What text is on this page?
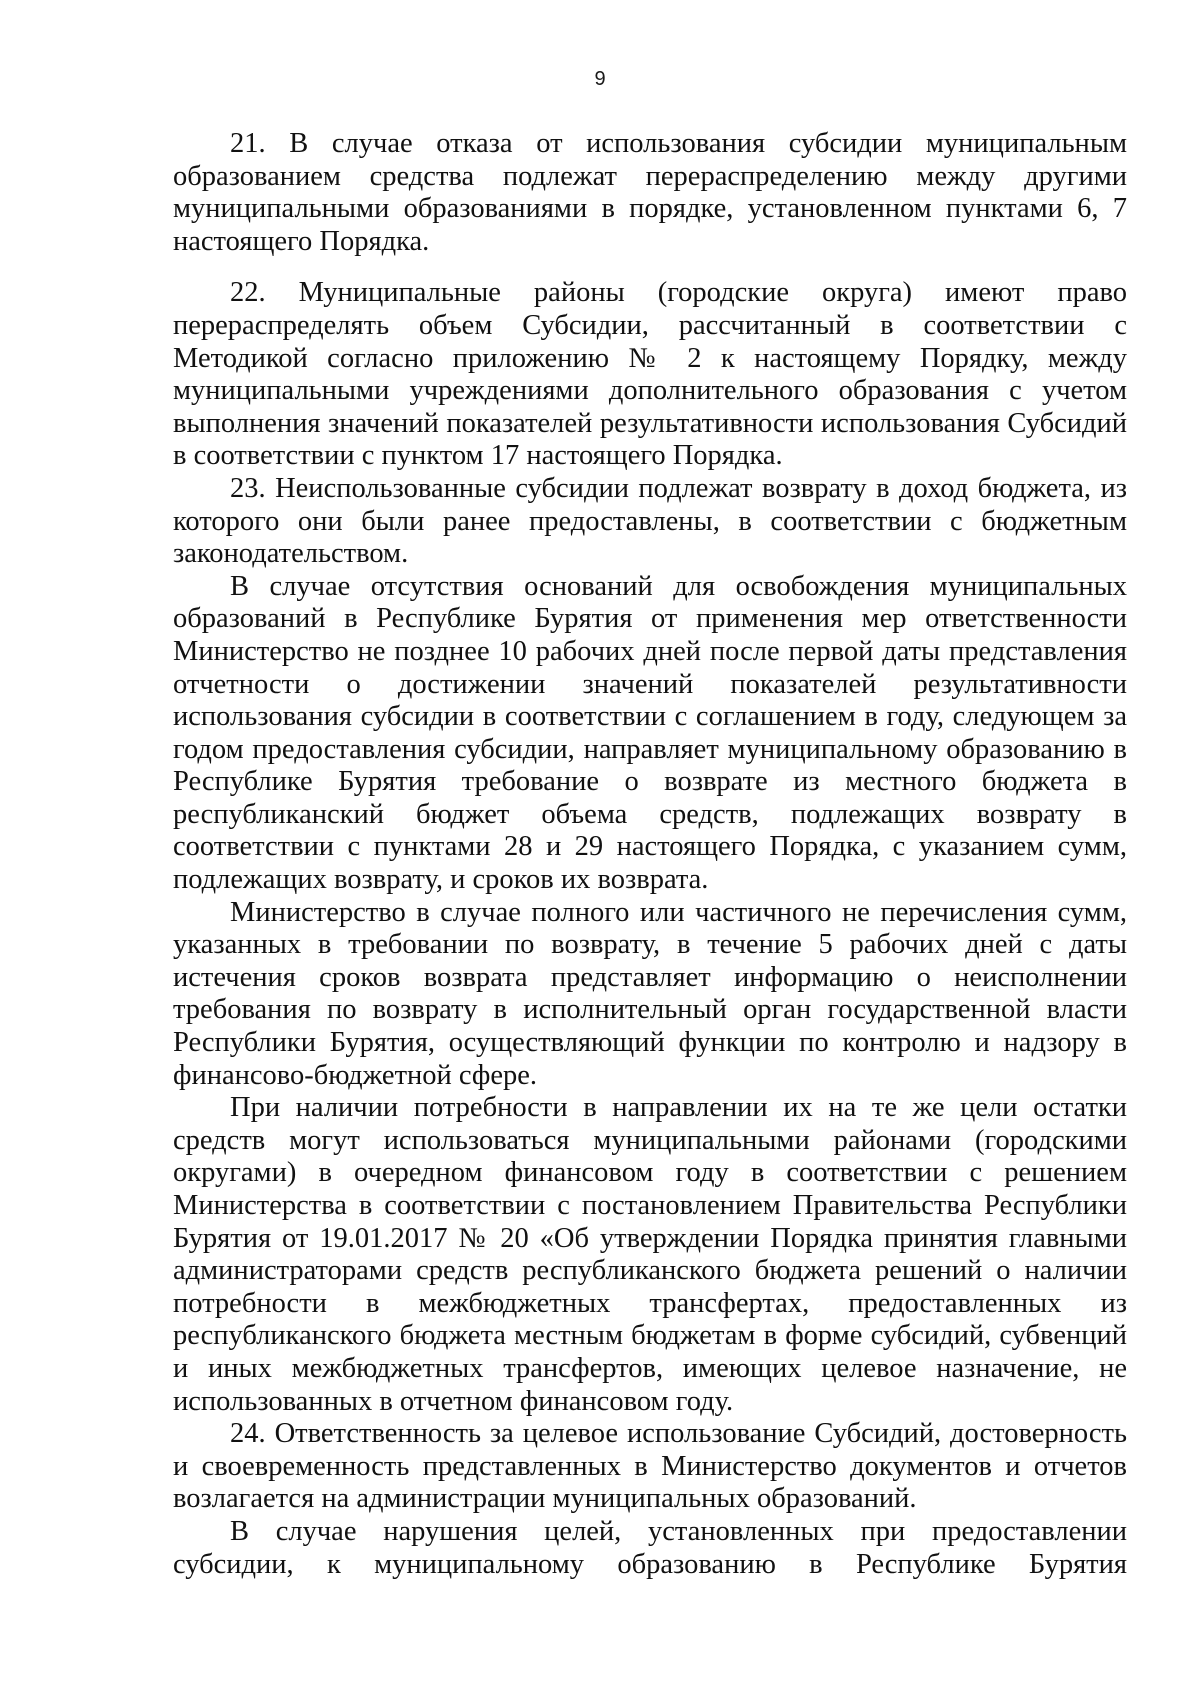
9

21. В случае отказа от использования субсидии муниципальным образованием средства подлежат перераспределению между другими муниципальными образованиями в порядке, установленном пунктами 6, 7 настоящего Порядка.

22. Муниципальные районы (городские округа) имеют право перераспределять объем Субсидии, рассчитанный в соответствии с Методикой согласно приложению № 2 к настоящему Порядку, между муниципальными учреждениями дополнительного образования с учетом выполнения значений показателей результативности использования Субсидий в соответствии с пунктом 17 настоящего Порядка.

23. Неиспользованные субсидии подлежат возврату в доход бюджета, из которого они были ранее предоставлены, в соответствии с бюджетным законодательством.

В случае отсутствия оснований для освобождения муниципальных образований в Республике Бурятия от применения мер ответственности Министерство не позднее 10 рабочих дней после первой даты представления отчетности о достижении значений показателей результативности использования субсидии в соответствии с соглашением в году, следующем за годом предоставления субсидии, направляет муниципальному образованию в Республике Бурятия требование о возврате из местного бюджета в республиканский бюджет объема средств, подлежащих возврату в соответствии с пунктами 28 и 29 настоящего Порядка, с указанием сумм, подлежащих возврату, и сроков их возврата.

Министерство в случае полного или частичного не перечисления сумм, указанных в требовании по возврату, в течение 5 рабочих дней с даты истечения сроков возврата представляет информацию о неисполнении требования по возврату в исполнительный орган государственной власти Республики Бурятия, осуществляющий функции по контролю и надзору в финансово-бюджетной сфере.

При наличии потребности в направлении их на те же цели остатки средств могут использоваться муниципальными районами (городскими округами) в очередном финансовом году в соответствии с решением Министерства в соответствии с постановлением Правительства Республики Бурятия от 19.01.2017 № 20 «Об утверждении Порядка принятия главными администраторами средств республиканского бюджета решений о наличии потребности в межбюджетных трансфертах, предоставленных из республиканского бюджета местным бюджетам в форме субсидий, субвенций и иных межбюджетных трансфертов, имеющих целевое назначение, не использованных в отчетном финансовом году.

24. Ответственность за целевое использование Субсидий, достоверность и своевременность представленных в Министерство документов и отчетов возлагается на администрации муниципальных образований.

В случае нарушения целей, установленных при предоставлении субсидии, к муниципальному образованию в Республике Бурятия
